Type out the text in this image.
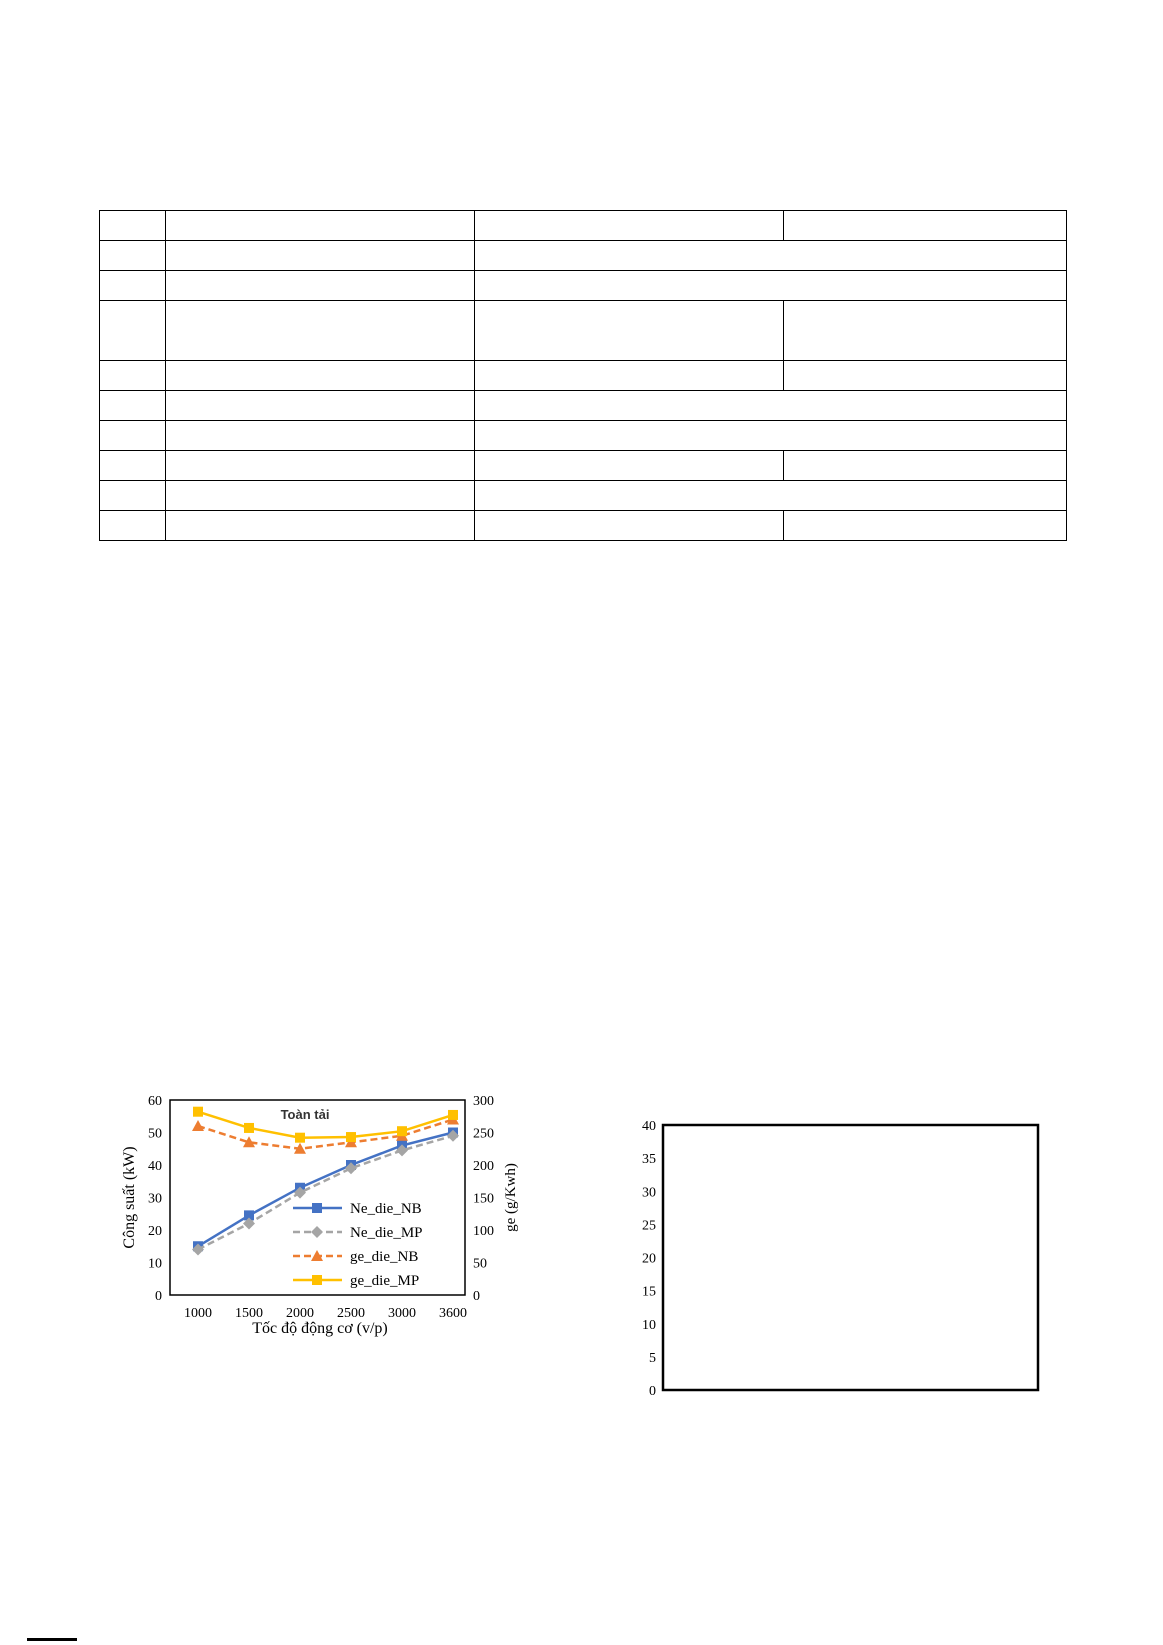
0
10
20
30
40
50
60
0
50
100
150
200
250
300
1000 1500 2000 2500 3000 3600
Tốc độ động cơ (v/p)
Công suất (kW)	ge (g/Kwh)
Toàn tải
Ne_die_NB
Ne_die_MP
ge_die_NB
ge_die_MP
0
5
10
15
20
25
30
35
40
